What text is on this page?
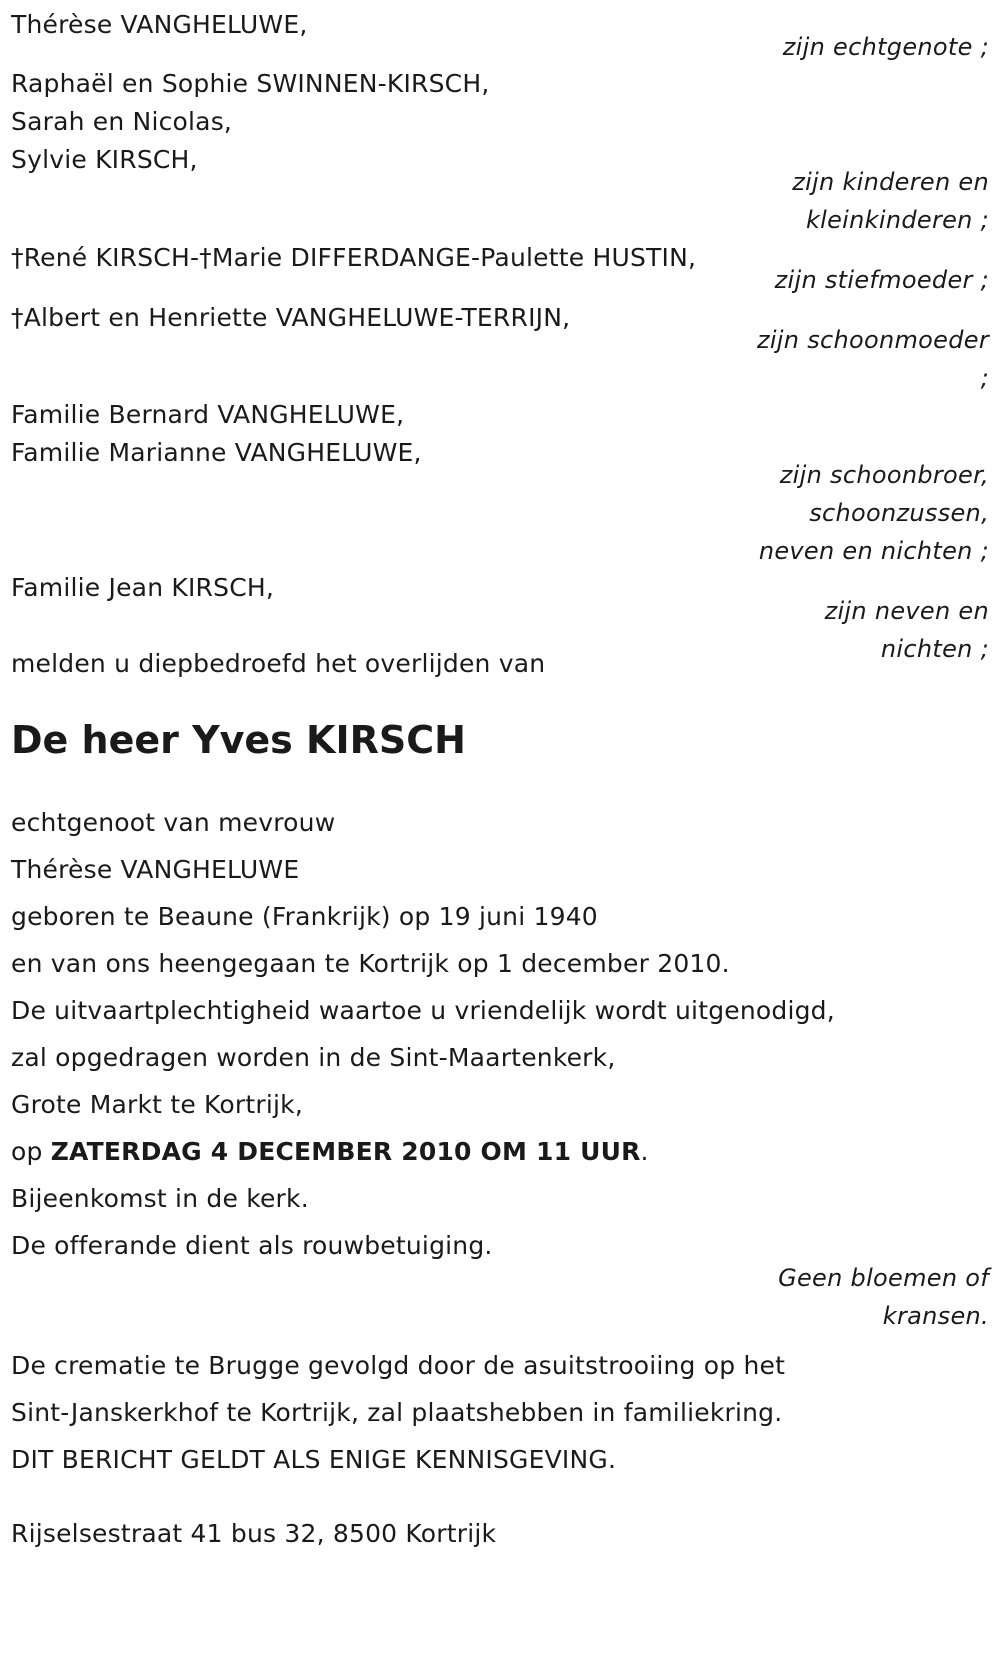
Thérèse VANGHELUWE,
zijn echtgenote ;
Raphaël en Sophie SWINNEN-KIRSCH,
Sarah en Nicolas,
Sylvie KIRSCH,
zijn kinderen en
kleinkinderen ;
†René KIRSCH-†Marie DIFFERDANGE-Paulette HUSTIN,
zijn stiefmoeder ;
†Albert en Henriette VANGHELUWE-TERRIJN,
zijn schoonmoeder
;
Familie Bernard VANGHELUWE,
Familie Marianne VANGHELUWE,
zijn schoonbroer,
schoonzussen,
neven en nichten ;
Familie Jean KIRSCH,
zijn neven en
nichten ;
melden u diepbedroefd het overlijden van
De heer Yves KIRSCH
echtgenoot van mevrouw
Thérèse VANGHELUWE
geboren te Beaune (Frankrijk) op 19 juni 1940
en van ons heengegaan te Kortrijk op 1 december 2010.
De uitvaartplechtigheid waartoe u vriendelijk wordt uitgenodigd,
zal opgedragen worden in de Sint-Maartenkerk,
Grote Markt te Kortrijk,
op ZATERDAG 4 DECEMBER 2010 OM 11 UUR.
Bijeenkomst in de kerk.
De offerande dient als rouwbetuiging.
Geen bloemen of
kransen.
De crematie te Brugge gevolgd door de asuitstrooiing op het
Sint-Janskerkhof te Kortrijk, zal plaatshebben in familiekring.
DIT BERICHT GELDT ALS ENIGE KENNISGEVING.
Rijselsestraat 41 bus 32, 8500 Kortrijk
